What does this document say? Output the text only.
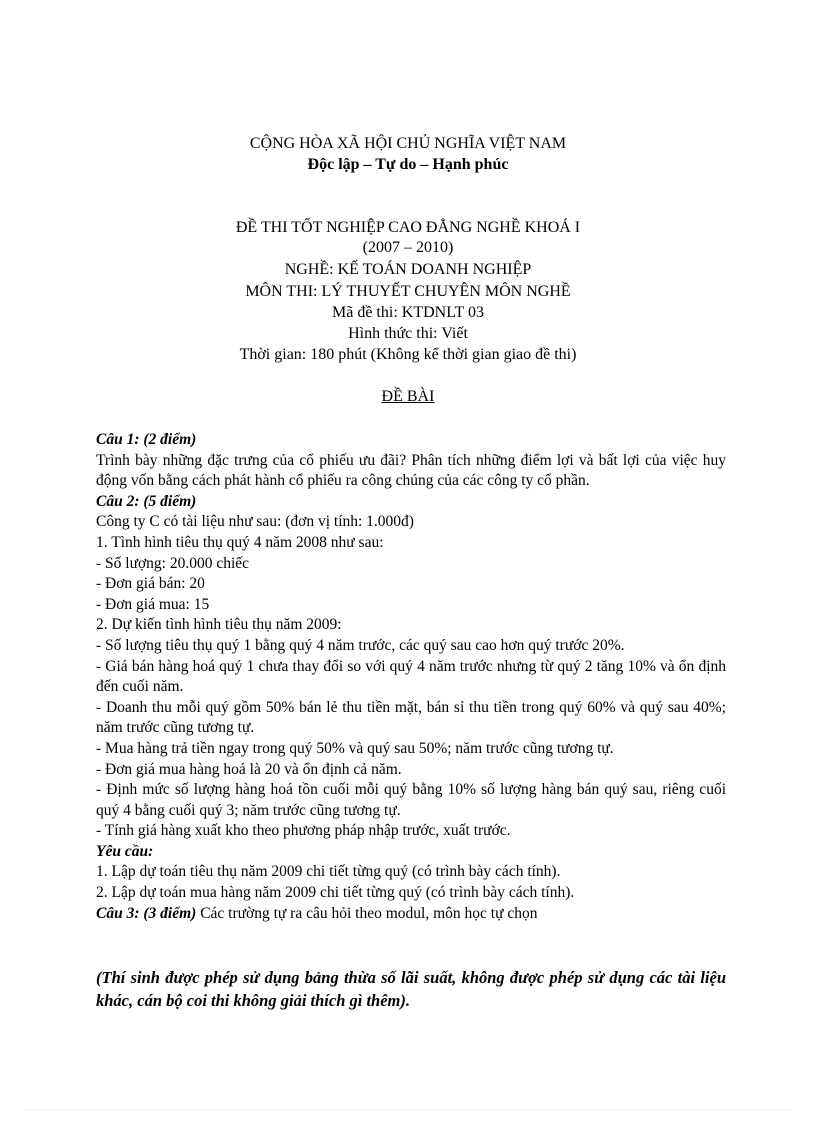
CỘNG HÒA XÃ HỘI CHỦ NGHĨA VIỆT NAM
Độc lập – Tự do – Hạnh phúc
ĐỀ THI TỐT NGHIỆP CAO ĐẲNG NGHỀ KHOÁ I
(2007 – 2010)
NGHỀ: KẾ TOÁN DOANH NGHIỆP
MÔN THI: LÝ THUYẾT CHUYÊN MÔN NGHỀ
Mã đề thi: KTDNLT 03
Hình thức thi: Viết
Thời gian: 180 phút (Không kể thời gian giao đề thi)
ĐỀ BÀI

Câu 1: (2 điểm)

Trình bày những đặc trưng của cổ phiếu ưu đãi? Phân tích những điểm lợi và bất lợi của việc huy động vốn bằng cách phát hành cổ phiếu ra công chúng của các công ty cổ phần.

Câu 2: (5 điểm)

Công ty C có tài liệu như sau: (đơn vị tính: 1.000đ)

1. Tình hình tiêu thụ quý 4 năm 2008 như sau:

- Số lượng: 20.000 chiếc

- Đơn giá bán: 20

- Đơn giá mua: 15

2. Dự kiến tình hình tiêu thụ năm 2009:

- Số lượng tiêu thụ quý 1 bằng quý 4 năm trước, các quý sau cao hơn quý trước 20%.

- Giá bán hàng hoá quý 1 chưa thay đổi so với quý 4 năm trước nhưng từ quý 2 tăng 10% và ổn định đến cuối năm.

- Doanh thu mỗi quý gồm 50% bán lẻ thu tiền mặt, bán sỉ thu tiền trong quý 60% và quý sau 40%; năm trước cũng tương tự.

- Mua hàng trả tiền ngay trong quý 50% và quý sau 50%; năm trước cũng tương tự.

- Đơn giá mua hàng hoá là 20 và ổn định cả năm.

- Định mức số lượng hàng hoá tồn cuối mỗi quý bằng 10% số lượng hàng bán quý sau, riêng cuối quý 4 bằng cuối quý 3; năm trước cũng tương tự.

- Tính giá hàng xuất kho theo phương pháp nhập trước, xuất trước.

Yêu cầu:

1. Lập dự toán tiêu thụ năm 2009 chi tiết từng quý (có trình bày cách tính).

2. Lập dự toán mua hàng năm 2009 chi tiết từng quý (có trình bày cách tính).

Câu 3: (3 điểm) Các trường tự ra câu hỏi theo modul, môn học tự chọn

(Thí sinh được phép sử dụng bảng thừa số lãi suất, không được phép sử dụng các tài liệu khác, cán bộ coi thi không giải thích gì thêm).
